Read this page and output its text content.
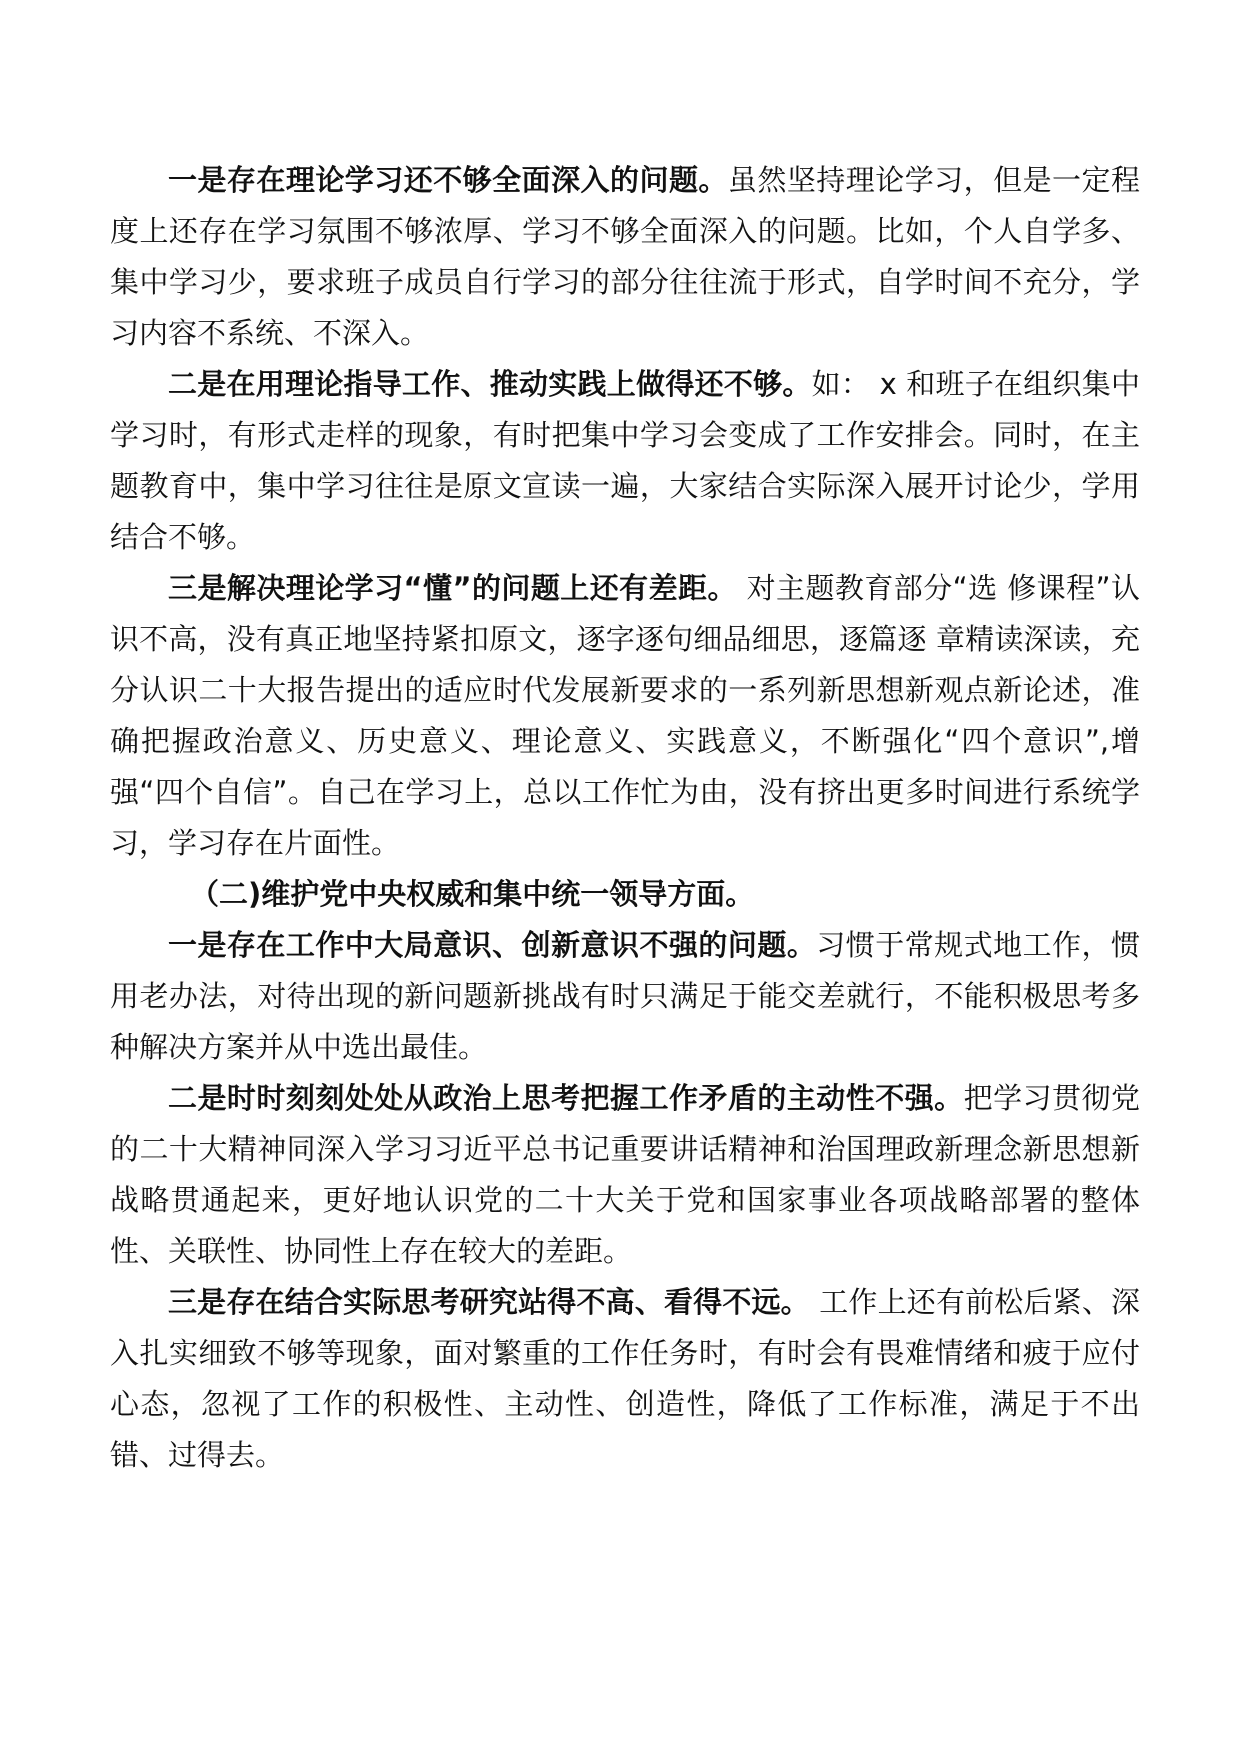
一是存在理论学习还不够全面深入的问题。虽然坚持理论学习，但是一定程度上还存在学习氛围不够浓厚、学习不够全面深入的问题。比如，个人自学多、集中学习少，要求班子成员自行学习的部分往往流于形式，自学时间不充分，学习内容不系统、不深入。

二是在用理论指导工作、推动实践上做得还不够。如： x 和班子在组织集中学习时，有形式走样的现象，有时把集中学习会变成了工作安排会。同时，在主题教育中，集中学习往往是原文宣读一遍，大家结合实际深入展开讨论少，学用结合不够。

三是解决理论学习“懂”的问题上还有差距。 对主题教育部分“选 修课程”认识不高，没有真正地坚持紧扣原文，逐字逐句细品细思，逐篇逐 章精读深读，充分认识二十大报告提出的适应时代发展新要求的一系列新思想新观点新论述，准确把握政治意义、历史意义、理论意义、实践意义，不断强化“四个意识”,增强“四个自信”。自己在学习上，总以工作忙为由，没有挤出更多时间进行系统学习，学习存在片面性。

（二)维护党中央权威和集中统一领导方面。

一是存在工作中大局意识、创新意识不强的问题。习惯于常规式地工作，惯用老办法，对待出现的新问题新挑战有时只满足于能交差就行，不能积极思考多种解决方案并从中选出最佳。

二是时时刻刻处处从政治上思考把握工作矛盾的主动性不强。把学习贯彻党的二十大精神同深入学习习近平总书记重要讲话精神和治国理政新理念新思想新战略贯通起来，更好地认识党的二十大关于党和国家事业各项战略部署的整体性、关联性、协同性上存在较大的差距。

三是存在结合实际思考研究站得不高、看得不远。 工作上还有前松后紧、深入扎实细致不够等现象，面对繁重的工作任务时，有时会有畏难情绪和疲于应付心态，忽视了工作的积极性、主动性、创造性，降低了工作标准，满足于不出错、过得去。
